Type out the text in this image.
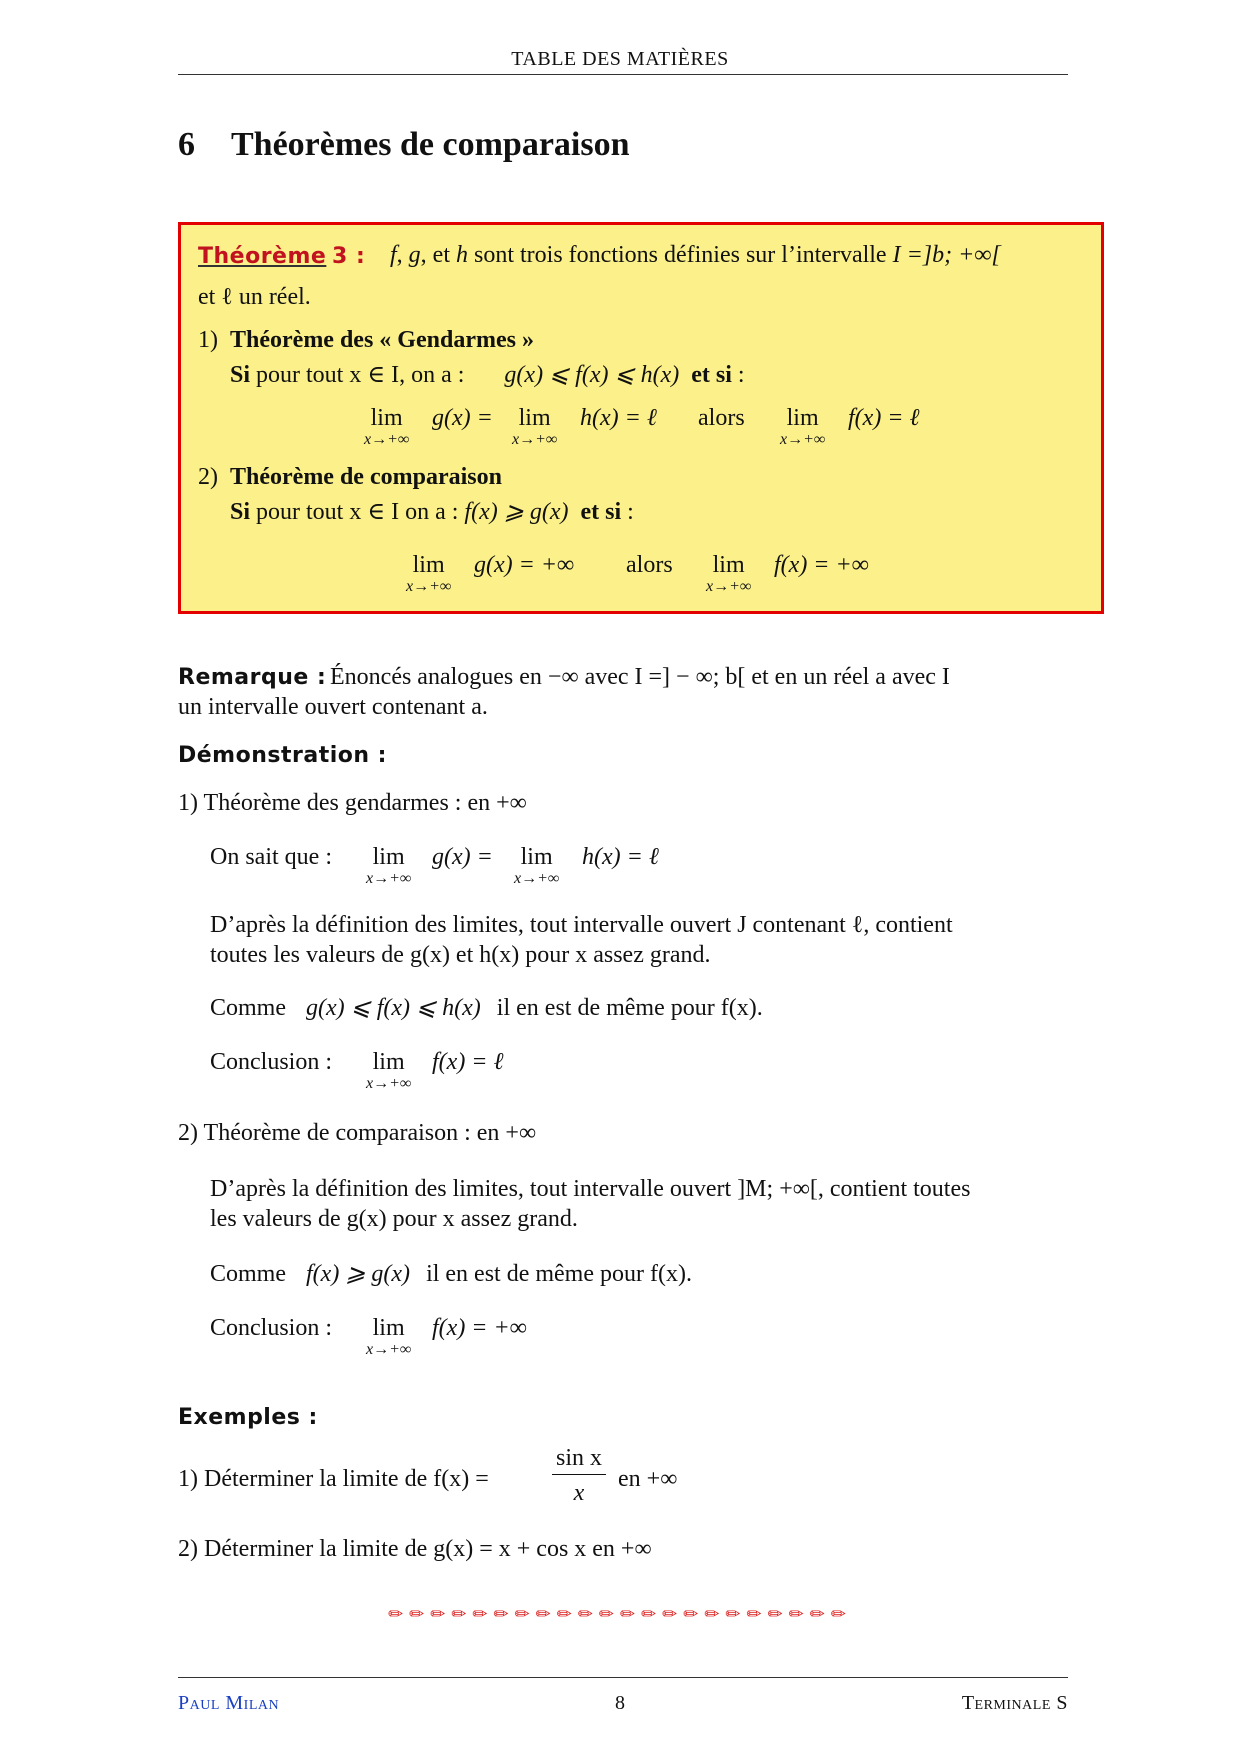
TABLE DES MATIÈRES
6 Théorèmes de comparaison
Théorème 3 : f, g, et h sont trois fonctions définies sur l’intervalle I =]b; +∞[
et ℓ un réel.
1) Théorème des « Gendarmes »
Si pour tout x ∈ I, on a : g(x) ⩽ f(x) ⩽ h(x) et si :
lim
x→+∞
g(x) = lim
x→+∞
h(x) = ℓ alors lim
x→+∞
f(x) = ℓ
2) Théorème de comparaison
Si pour tout x ∈ I on a : f(x) ⩾ g(x) et si :
lim
x→+∞
g(x) = +∞ alors lim
x→+∞
f(x) = +∞
Remarque : Énoncés analogues en −∞ avec I =] − ∞; b[ et en un réel a avec I
un intervalle ouvert contenant a.
Démonstration :
1) Théorème des gendarmes : en +∞
On sait que : lim
x→+∞
g(x) = lim
x→+∞
h(x) = ℓ
D’après la définition des limites, tout intervalle ouvert J contenant ℓ, contient
toutes les valeurs de g(x) et h(x) pour x assez grand.
Comme g(x) ⩽ f(x) ⩽ h(x) il en est de même pour f(x).
Conclusion : lim
x→+∞
f(x) = ℓ
2) Théorème de comparaison : en +∞
D’après la définition des limites, tout intervalle ouvert ]M; +∞[, contient toutes
les valeurs de g(x) pour x assez grand.
Comme f(x) ⩾ g(x) il en est de même pour f(x).
Conclusion : lim
x→+∞
f(x) = +∞
Exemples :
1) Déterminer la limite de f(x) =	$\frac{\text{sin x}}{x}$ en +∞
2) Déterminer la limite de g(x) = x + cos x en +∞
✏✏✏✏✏✏✏✏✏✏✏✏✏✏✏✏✏✏✏✏✏✏
Paul Milan	8	Terminale S
